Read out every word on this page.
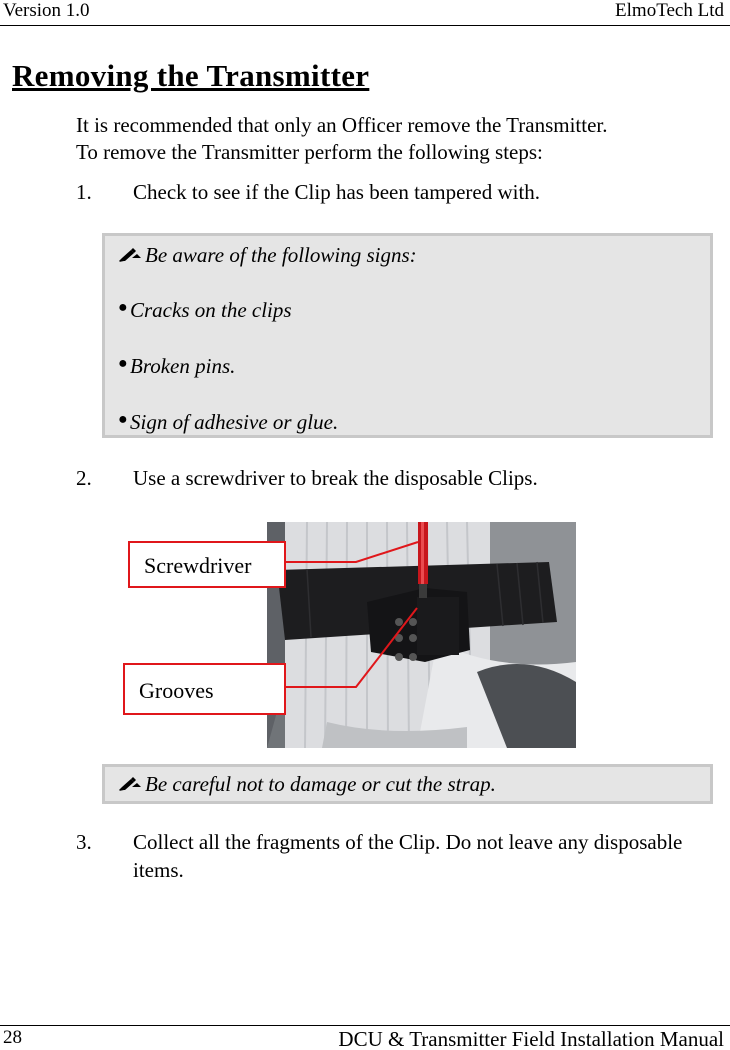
Version 1.0	ElmoTech Ltd
Removing the Transmitter
It is recommended that only an Officer remove the Transmitter.
To remove the Transmitter perform the following steps:
1.	Check to see if the Clip has been tampered with.
Be aware of the following signs:
● Cracks on the clips
● Broken pins.
● Sign of adhesive or glue.
2.	Use a screwdriver to break the disposable Clips.
Screwdriver
Grooves
Be careful not to damage or cut the strap.
3.	Collect all the fragments of the Clip. Do not leave any disposable items.
28	DCU & Transmitter Field Installation Manual
